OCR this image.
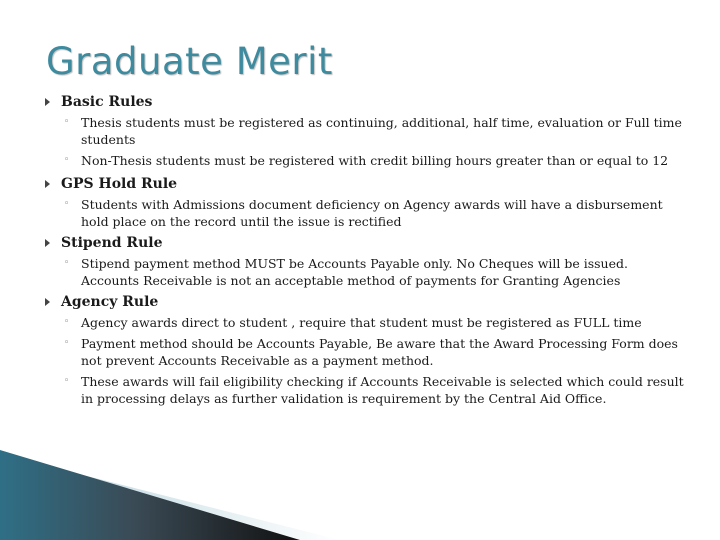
Graduate Merit
Basic Rules
◦ Thesis students must be registered as continuing, additional, half time, evaluation or Full time students
◦ Non-Thesis students must be registered with credit billing hours greater than or equal to 12
GPS Hold Rule
◦ Students with Admissions document deficiency on Agency awards will have a disbursement hold place on the record until the issue is rectified
Stipend Rule
◦ Stipend payment method MUST be Accounts Payable only. No Cheques will be issued. Accounts Receivable is not an acceptable method of payments for Granting Agencies
Agency Rule
◦ Agency awards direct to student , require that student must be registered as FULL time
◦ Payment method should be Accounts Payable, Be aware that the Award Processing Form does not prevent Accounts Receivable as a payment method.
◦ These awards will fail eligibility checking if Accounts Receivable is selected which could result in processing delays as further validation is requirement by the Central Aid Office.
